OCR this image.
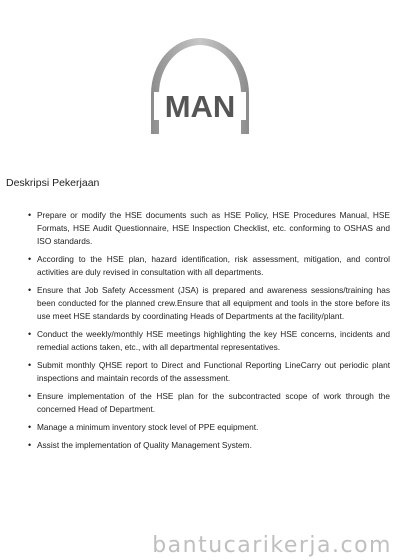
MAN
Deskripsi Pekerjaan
• Prepare or modify the HSE documents such as HSE Policy, HSE Procedures Manual, HSE Formats, HSE Audit Questionnaire, HSE Inspection Checklist, etc. conforming to OSHAS and ISO standards.
• According to the HSE plan, hazard identification, risk assessment, mitigation, and control activities are duly revised in consultation with all departments.
• Ensure that Job Safety Accessment (JSA) is prepared and awareness sessions/training has been conducted for the planned crew.Ensure that all equipment and tools in the store before its use meet HSE standards by coordinating Heads of Departments at the facility/plant.
• Conduct the weekly/monthly HSE meetings highlighting the key HSE concerns, incidents and remedial actions taken, etc., with all departmental representatives.
• Submit monthly QHSE report to Direct and Functional Reporting LineCarry out periodic plant inspections and maintain records of the assessment.
• Ensure implementation of the HSE plan for the subcontracted scope of work through the concerned Head of Department.
• Manage a minimum inventory stock level of PPE equipment.
• Assist the implementation of Quality Management System.
bantucarikerja.com
